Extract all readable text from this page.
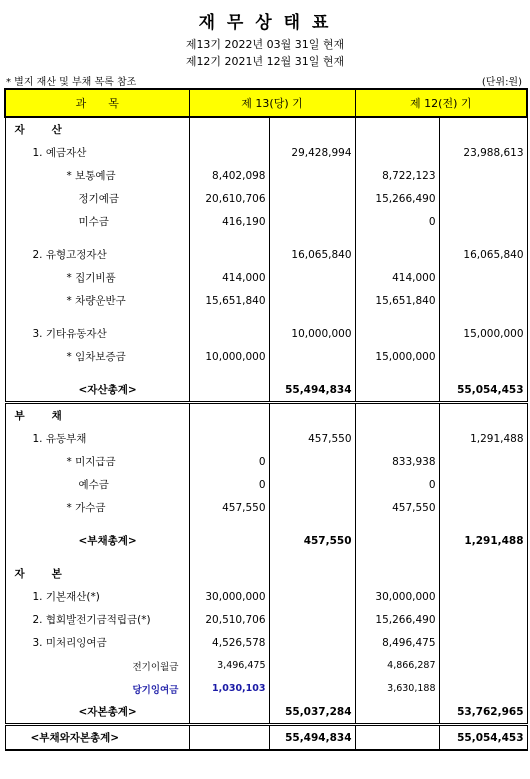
재 무 상 태 표
제13기 2022년 03월 31일 현재
제12기 2021년 12월 31일 현재
* 별지 재산 및 부채 목록 참조	(단위:원)
과　　목	제 13(당) 기		제 12(전) 기	
자　　산				
1. 예금자산		29,428,994		23,988,613
* 보통예금	8,402,098		8,722,123	
정기예금	20,610,706		15,266,490	
미수금	416,190		0	

2. 유형고정자산		16,065,840		16,065,840
* 집기비품	414,000		414,000	
* 차량운반구	15,651,840		15,651,840	

3. 기타유동자산		10,000,000		15,000,000
* 임차보증금	10,000,000		15,000,000	

<자산총계>		55,494,834		55,054,453
부　　채				
1. 유동부채		457,550		1,291,488
* 미지급금	0		833,938	
예수금	0		0	
* 가수금	457,550		457,550	

<부채총계>		457,550		1,291,488

자　　본				
1. 기본재산(*)	30,000,000		30,000,000	
2. 협회발전기금적립금(*)	20,510,706		15,266,490	
3. 미처리잉여금	4,526,578		8,496,475	
전기이월금	3,496,475		4,866,287	
당기잉여금	1,030,103		3,630,188	
<자본총계>		55,037,284		53,762,965
<부채와자본총계>		55,494,834		55,054,453
